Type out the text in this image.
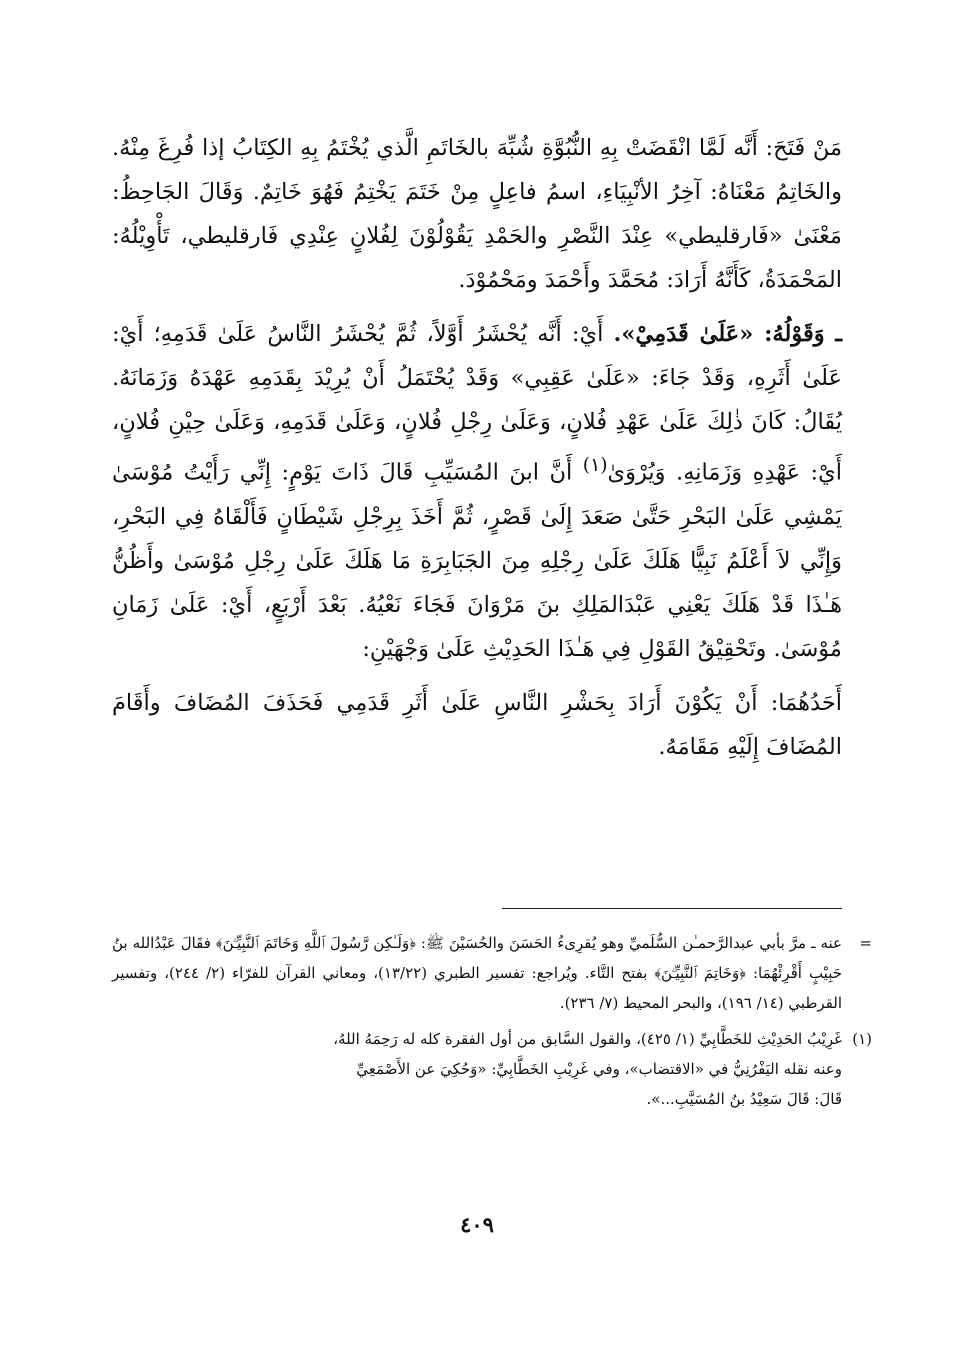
مَنْ فَتَحَ: أَنَّه لَمَّا انْقَضَتْ بِهِ النُّبُوَّةِ شُبِّهَ بالخَاتَمِ الَّذي يُخْتَمُ بِهِ الكِتَابُ إذا فُرِغَ مِنْهُ. والخَاتِمُ مَعْنَاهُ: آخِرُ الأنْبِيَاءِ، اسمُ فاعِلٍ مِنْ خَتَمَ يَخْتِمُ فَهُوَ خَاتِمٌ. وَقَالَ الجَاحِظُ: مَعْنَىٰ «فَارقليطي» عِنْدَ النَّصْرِ والحَمْدِ يَقُوْلُوْنَ لِفُلانٍ عِنْدِي فَارقليطي، تَأْوِيْلُهُ: المَحْمَدَةُ، كَأَنَّهُ أَرَادَ: مُحَمَّدَ وأَحْمَدَ ومَحْمُوْدَ.

ـ وَقَوْلُهُ: «عَلَىٰ قَدَمِيْ». أَيْ: أَنَّه يُحْشَرُ أَوَّلاً، ثُمَّ يُحْشَرُ النَّاسُ عَلَىٰ قَدَمِهِ؛ أَيْ: عَلَىٰ أَثَرِهِ، وَقَدْ جَاءَ: «عَلَىٰ عَقِبِي» وَقَدْ يُحْتَمَلُ أَنْ يُرِيْدَ بِقَدَمِهِ عَهْدَهُ وَزَمَانَهُ. يُقَالُ: كَانَ ذٰلِكَ عَلَىٰ عَهْدِ فُلانٍ، وَعَلَىٰ رِجْلِ فُلانٍ، وَعَلَىٰ قَدَمِهِ، وَعَلَىٰ حِيْنِ فُلانٍ، أَيْ: عَهْدِهِ وَزَمَانِهِ. وَيُرْوَىٰ$^{(١)}$ أَنَّ ابنَ المُسَيِّبِ قَالَ ذَاتَ يَوْمٍ: إِنِّي رَأَيْتُ مُوْسَىٰ يَمْشِي عَلَىٰ البَحْرِ حَتَّىٰ صَعَدَ إِلَىٰ قَصْرٍ، ثُمَّ أَخَذَ بِرِجْلِ شَيْطَانٍ فَأَلْقَاهُ فِي البَحْرِ، وَإِنِّي لاَ أَعْلَمُ نَبِيًّا هَلَكَ عَلَىٰ رِجْلِهِ مِنَ الجَبَابِرَةِ مَا هَلَكَ عَلَىٰ رِجْلِ مُوْسَىٰ وأَظُنُّ هَـٰذَا قَدْ هَلَكَ يَعْنِي عَبْدَالمَلِكِ بنَ مَرْوَانَ فَجَاءَ نَعْيُهُ. بَعْدَ أَرْبَعٍ، أَيْ: عَلَىٰ زَمَانِ مُوْسَىٰ. وتَحْقِيْقُ القَوْلِ فِي هَـٰذَا الحَدِيْثِ عَلَىٰ وَجْهَيْنِ:

أَحَدُهُمَا: أَنْ يَكُوْنَ أَرَادَ بِحَشْرِ النَّاسِ عَلَىٰ أَثَرِ قَدَمِي فَحَذَفَ المُضَافَ وأَقَامَ المُضَافَ إِلَيْهِ مَقَامَهُ.

=
عنه ـ مرَّ بأبي عبدالرَّحمـٰن السُّلَميِّ وهو يُقرِىءُ الحَسَنَ والحُسَيْنَ ﷺ: ﴿وَلَـٰكِن رَّسُولَ ٱللَّهِ وَخَاتَمَ ٱلنَّبِيِّـۧنَ﴾ فقَالَ عَبْدُالله بنُ حَبِيْبٍ أَقْرِئْهُمَا: ﴿وَخَاتِمَ ٱلنَّبِيِّـۧنَ﴾ بفتح التَّاء. ويُراجع: تفسير الطبري (١٣/٢٢)، ومعاني القرآن للفرّاء (٢/ ٢٤٤)، وتفسير القرطبي (١٤/ ١٩٦)، والبحر المحيط (٧/ ٢٣٦).
(١)
غَرِيْبُ الحَدِيْثِ للخَطَّابِيِّ (١/ ٤٢٥)، والقول السَّابق من أول الفقرة كله له رَحِمَهُ اللهُ،
وعنه نقله اليَفْرُنِيُّ في «الاقتضاب»، وفي غَرِيْبِ الخَطَّابِيِّ: «وَحُكِيَ عن الأَصْمَعِيِّ
قَالَ: قَالَ سَعِيْدُ بنُ المُسَيَّبِ...».
٤٠٩
